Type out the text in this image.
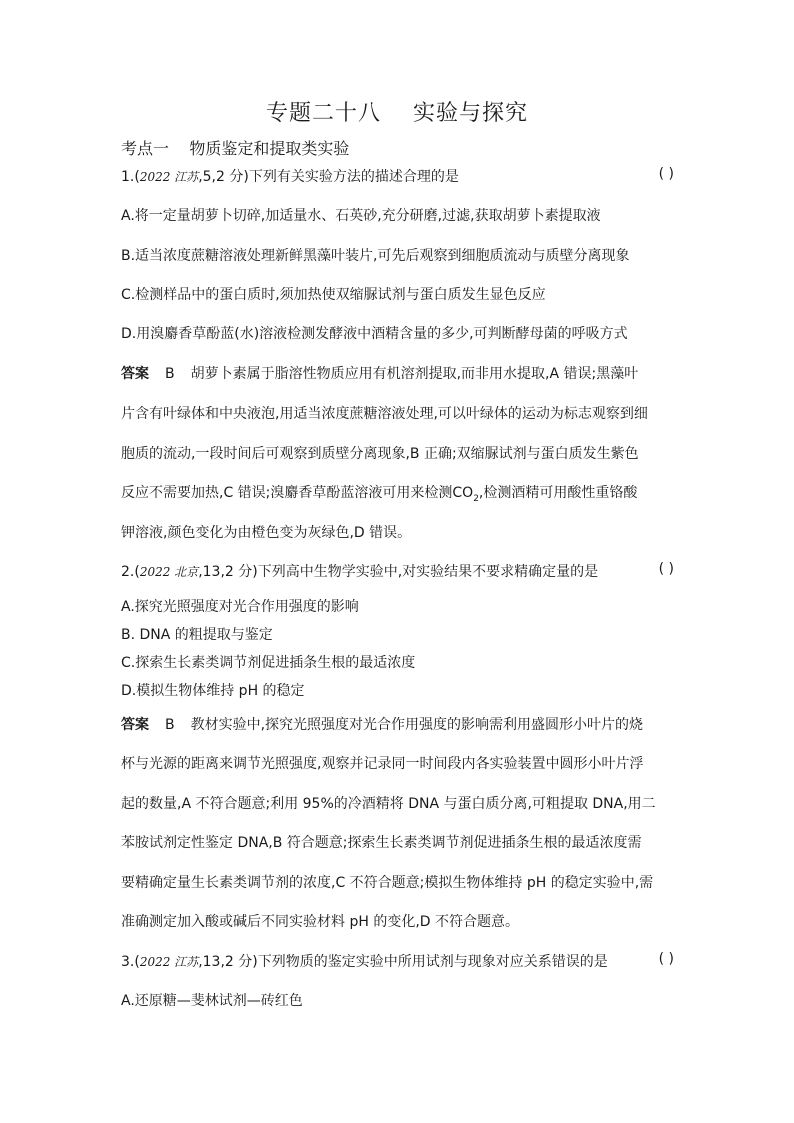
专题二十八    实验与探究
考点一    物质鉴定和提取类实验
1.(2022 江苏,5,2 分)下列有关实验方法的描述合理的是	( )
A.将一定量胡萝卜切碎,加适量水、石英砂,充分研磨,过滤,获取胡萝卜素提取液
B.适当浓度蔗糖溶液处理新鲜黑藻叶装片,可先后观察到细胞质流动与质壁分离现象
C.检测样品中的蛋白质时,须加热使双缩脲试剂与蛋白质发生显色反应
D.用溴麝香草酚蓝(水)溶液检测发酵液中酒精含量的多少,可判断酵母菌的呼吸方式
答案 B 胡萝卜素属于脂溶性物质应用有机溶剂提取,而非用水提取,A 错误;黑藻叶
片含有叶绿体和中央液泡,用适当浓度蔗糖溶液处理,可以叶绿体的运动为标志观察到细
胞质的流动,一段时间后可观察到质壁分离现象,B 正确;双缩脲试剂与蛋白质发生紫色
反应不需要加热,C 错误;溴麝香草酚蓝溶液可用来检测$CO_2$,检测酒精可用酸性重铬酸
钾溶液,颜色变化为由橙色变为灰绿色,D 错误。
2.(2022 北京,13,2 分)下列高中生物学实验中,对实验结果不要求精确定量的是	( )
A.探究光照强度对光合作用强度的影响
B. DNA 的粗提取与鉴定
C.探索生长素类调节剂促进插条生根的最适浓度
D.模拟生物体维持 pH 的稳定
答案 B 教材实验中,探究光照强度对光合作用强度的影响需利用盛圆形小叶片的烧
杯与光源的距离来调节光照强度,观察并记录同一时间段内各实验装置中圆形小叶片浮
起的数量,A 不符合题意;利用 95%的冷酒精将 DNA 与蛋白质分离,可粗提取 DNA,用二
苯胺试剂定性鉴定 DNA,B 符合题意;探索生长素类调节剂促进插条生根的最适浓度需
要精确定量生长素类调节剂的浓度,C 不符合题意;模拟生物体维持 pH 的稳定实验中,需
准确测定加入酸或碱后不同实验材料 pH 的变化,D 不符合题意。
3.(2022 江苏,13,2 分)下列物质的鉴定实验中所用试剂与现象对应关系错误的是	( )
A.还原糖—斐林试剂—砖红色
